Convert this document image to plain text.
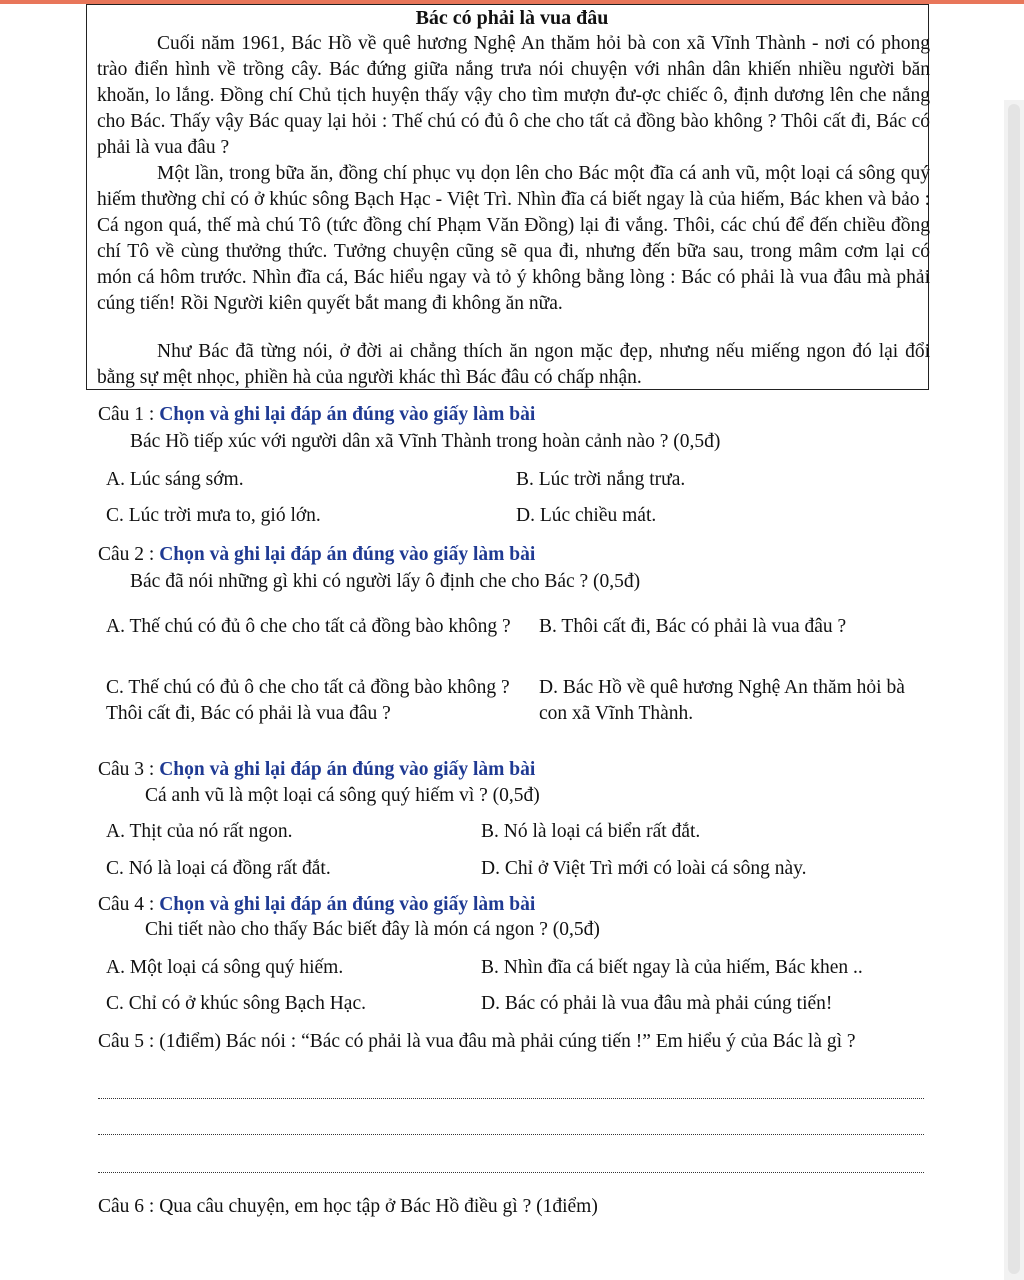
Bác có phải là vua đâu

Cuối năm 1961, Bác Hồ về quê hương Nghệ An thăm hỏi bà con xã Vĩnh Thành - nơi có phong trào điển hình về trồng cây. Bác đứng giữa nắng trưa nói chuyện với nhân dân khiến nhiều người băn khoăn, lo lắng. Đồng chí Chủ tịch huyện thấy vậy cho tìm mượn đư-ợc chiếc ô, định dương lên che nắng cho Bác. Thấy vậy Bác quay lại hỏi : Thế chú có đủ ô che cho tất cả đồng bào không ? Thôi cất đi, Bác có phải là vua đâu ?

Một lần, trong bữa ăn, đồng chí phục vụ dọn lên cho Bác một đĩa cá anh vũ, một loại cá sông quý hiếm thường chỉ có ở khúc sông Bạch Hạc - Việt Trì. Nhìn đĩa cá biết ngay là của hiếm, Bác khen và bảo : Cá ngon quá, thế mà chú Tô (tức đồng chí Phạm Văn Đồng) lại đi vắng. Thôi, các chú để đến chiều đồng chí Tô về cùng thưởng thức. Tưởng chuyện cũng sẽ qua đi, nhưng đến bữa sau, trong mâm cơm lại có món cá hôm trước. Nhìn đĩa cá, Bác hiểu ngay và tỏ ý không bằng lòng : Bác có phải là vua đâu mà phải cúng tiến! Rồi Người kiên quyết bắt mang đi không ăn nữa.

Như Bác đã từng nói, ở đời ai chẳng thích ăn ngon mặc đẹp, nhưng nếu miếng ngon đó lại đổi bằng sự mệt nhọc, phiền hà của người khác thì Bác đâu có chấp nhận.

Câu 1 : Chọn và ghi lại đáp án đúng vào giấy làm bài
Bác Hồ tiếp xúc với người dân xã Vĩnh Thành trong hoàn cảnh nào ? (0,5đ)
A. Lúc sáng sớm.	B. Lúc trời nắng trưa.
C. Lúc trời mưa to, gió lớn.	D. Lúc chiều mát.
Câu 2 : Chọn và ghi lại đáp án đúng vào giấy làm bài
Bác đã nói những gì khi có người lấy ô định che cho Bác ? (0,5đ)
A. Thế chú có đủ ô che cho tất cả đồng bào không ?	B. Thôi cất đi, Bác có phải là vua đâu ?
C. Thế chú có đủ ô che cho tất cả đồng bào không ? Thôi cất đi, Bác có phải là vua đâu ?
D. Bác Hồ về quê hương Nghệ An thăm hỏi bà con xã Vĩnh Thành.
Câu 3 : Chọn và ghi lại đáp án đúng vào giấy làm bài
Cá anh vũ là một loại cá sông quý hiếm vì ? (0,5đ)
A. Thịt của nó rất ngon.	B. Nó là loại cá biển rất đắt.
C. Nó là loại cá đồng rất đắt.	D. Chỉ ở Việt Trì mới có loài cá sông này.
Câu 4 : Chọn và ghi lại đáp án đúng vào giấy làm bài
Chi tiết nào cho thấy Bác biết đây là món cá ngon ? (0,5đ)
A. Một loại cá sông quý hiếm.	B. Nhìn đĩa cá biết ngay là của hiếm, Bác khen ..
C. Chỉ có ở khúc sông Bạch Hạc.	D. Bác có phải là vua đâu mà phải cúng tiến!

Câu 5 : (1điểm) Bác nói : “Bác có phải là vua đâu mà phải cúng tiến !” Em hiểu ý của Bác là gì ?

Câu 6 : Qua câu chuyện, em học tập ở Bác Hồ điều gì ? (1điểm)
